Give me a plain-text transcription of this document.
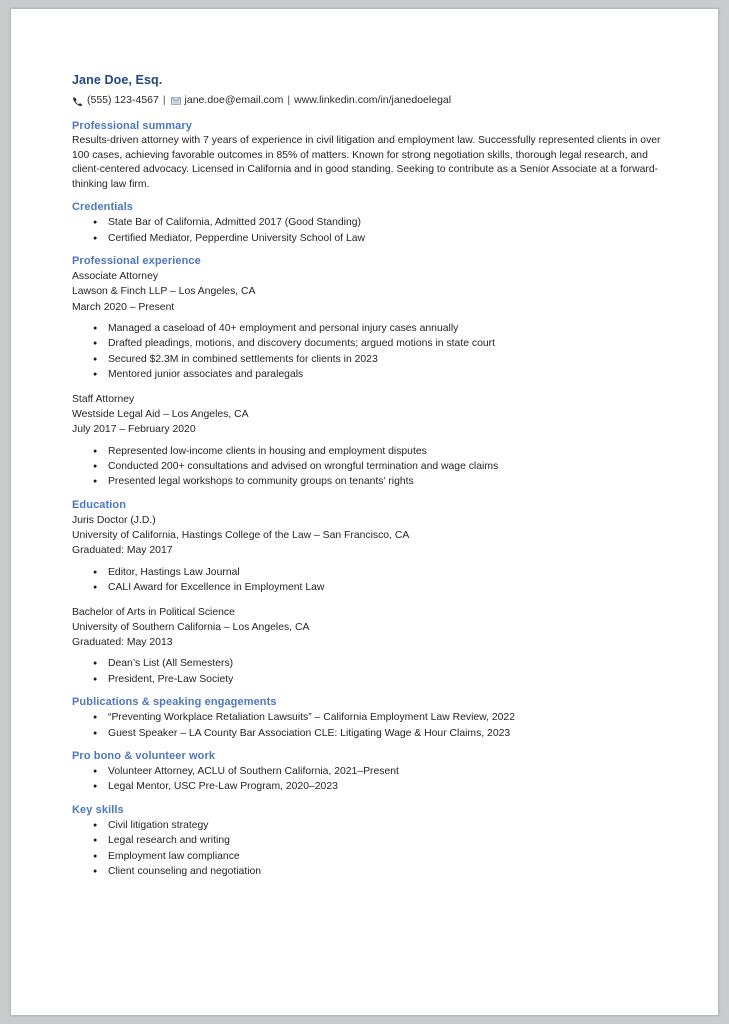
Jane Doe, Esq.
(555) 123-4567 | jane.doe@email.com | www.linkedin.com/in/janedoelegal
Professional summary

Results-driven attorney with 7 years of experience in civil litigation and employment law. Successfully represented clients in over 100 cases, achieving favorable outcomes in 85% of matters. Known for strong negotiation skills, thorough legal research, and client-centered advocacy. Licensed in California and in good standing. Seeking to contribute as a Senior Associate at a forward-thinking law firm.

Credentials
● State Bar of California, Admitted 2017 (Good Standing)
● Certified Mediator, Pepperdine University School of Law
Professional experience
Associate Attorney
Lawson & Finch LLP – Los Angeles, CA
March 2020 – Present
● Managed a caseload of 40+ employment and personal injury cases annually
● Drafted pleadings, motions, and discovery documents; argued motions in state court
● Secured $2.3M in combined settlements for clients in 2023
● Mentored junior associates and paralegals
Staff Attorney
Westside Legal Aid – Los Angeles, CA
July 2017 – February 2020
● Represented low-income clients in housing and employment disputes
● Conducted 200+ consultations and advised on wrongful termination and wage claims
● Presented legal workshops to community groups on tenants’ rights
Education
Juris Doctor (J.D.)
University of California, Hastings College of the Law – San Francisco, CA
Graduated: May 2017
● Editor, Hastings Law Journal
● CALI Award for Excellence in Employment Law
Bachelor of Arts in Political Science
University of Southern California – Los Angeles, CA
Graduated: May 2013
● Dean’s List (All Semesters)
● President, Pre-Law Society
Publications & speaking engagements
● “Preventing Workplace Retaliation Lawsuits” – California Employment Law Review, 2022
● Guest Speaker – LA County Bar Association CLE: Litigating Wage & Hour Claims, 2023
Pro bono & volunteer work
● Volunteer Attorney, ACLU of Southern California, 2021–Present
● Legal Mentor, USC Pre-Law Program, 2020–2023
Key skills
● Civil litigation strategy
● Legal research and writing
● Employment law compliance
● Client counseling and negotiation
